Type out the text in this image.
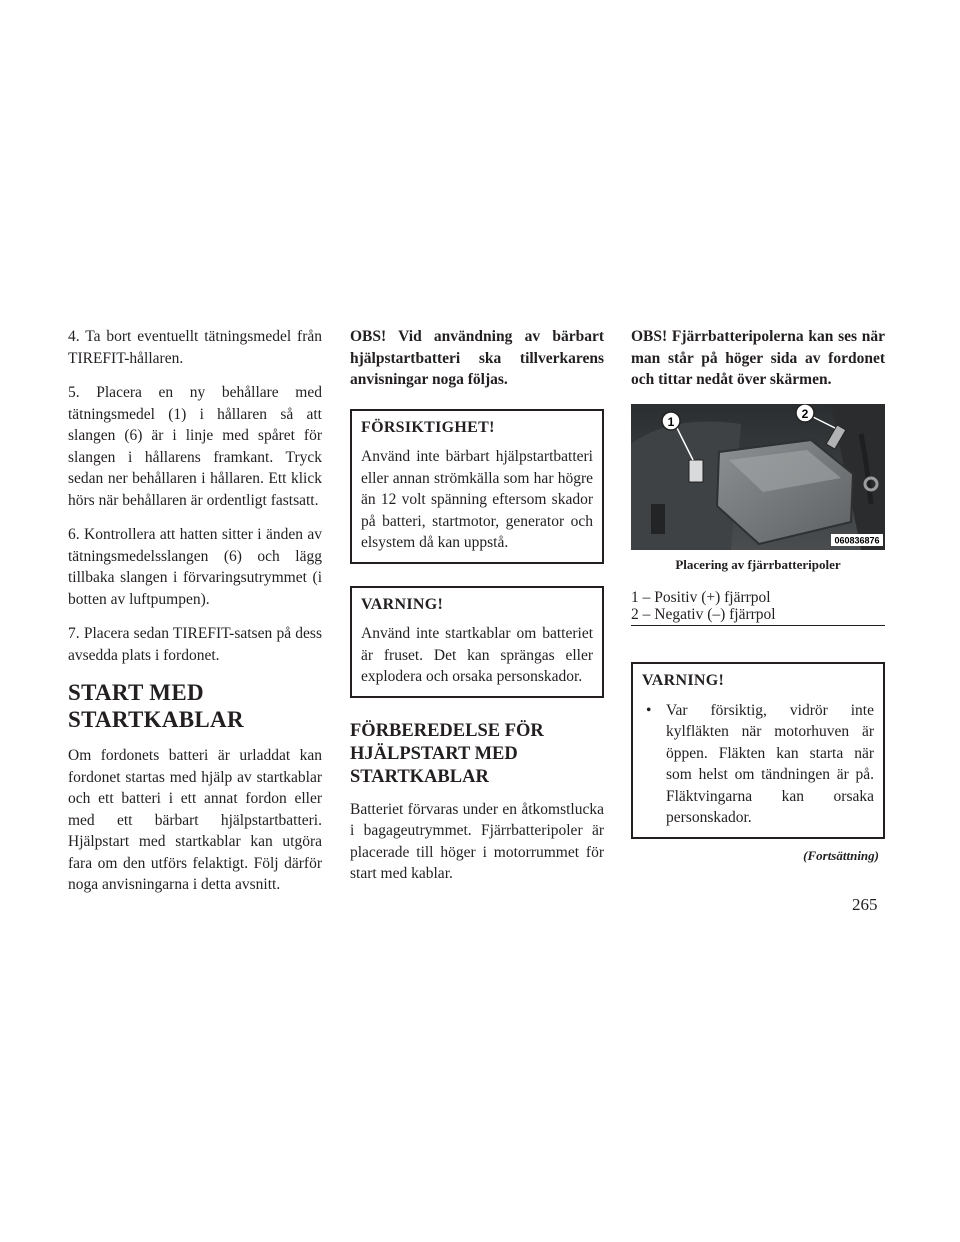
4. Ta bort eventuellt tätningsmedel från TIREFIT-hållaren.

5. Placera en ny behållare med tätningsmedel (1) i hållaren så att slangen (6) är i linje med spåret för slangen i hållarens framkant. Tryck sedan ner behållaren i hållaren. Ett klick hörs när behållaren är ordentligt fastsatt.

6. Kontrollera att hatten sitter i änden av tätningsmedelsslangen (6) och lägg tillbaka slangen i förvaringsutrymmet (i botten av luftpumpen).

7. Placera sedan TIREFIT-satsen på dess avsedda plats i fordonet.

START MED
STARTKABLAR

Om fordonets batteri är urladdat kan fordonet startas med hjälp av startkablar och ett batteri i ett annat fordon eller med ett bärbart hjälpstartbatteri. Hjälpstart med startkablar kan utgöra fara om den utförs felaktigt. Följ därför noga anvisningarna i detta avsnitt.

OBS! Vid användning av bärbart hjälpstartbatteri ska tillverkarens anvisningar noga följas.

FÖRSIKTIGHET!

Använd inte bärbart hjälpstartbatteri eller annan strömkälla som har högre än 12 volt spänning eftersom skador på batteri, startmotor, generator och elsystem då kan uppstå.

VARNING!

Använd inte startkablar om batteriet är fruset. Det kan sprängas eller explodera och orsaka personskador.

FÖRBEREDELSE FÖR
HJÄLPSTART MED
STARTKABLAR

Batteriet förvaras under en åtkomstlucka i bagageutrymmet. Fjärrbatteripoler är placerade till höger i motorrummet för start med kablar.

OBS! Fjärrbatteripolerna kan ses när man står på höger sida av fordonet och tittar nedåt över skärmen.

1
2
060836876
Placering av fjärrbatteripoler
1 – Positiv (+) fjärrpol
2 – Negativ (–) fjärrpol
VARNING!
• Var försiktig, vidrör inte kylfläkten när motorhuven är öppen. Fläkten kan starta när som helst om tändningen är på. Fläktvingarna kan orsaka personskador.
(Fortsättning)
265
